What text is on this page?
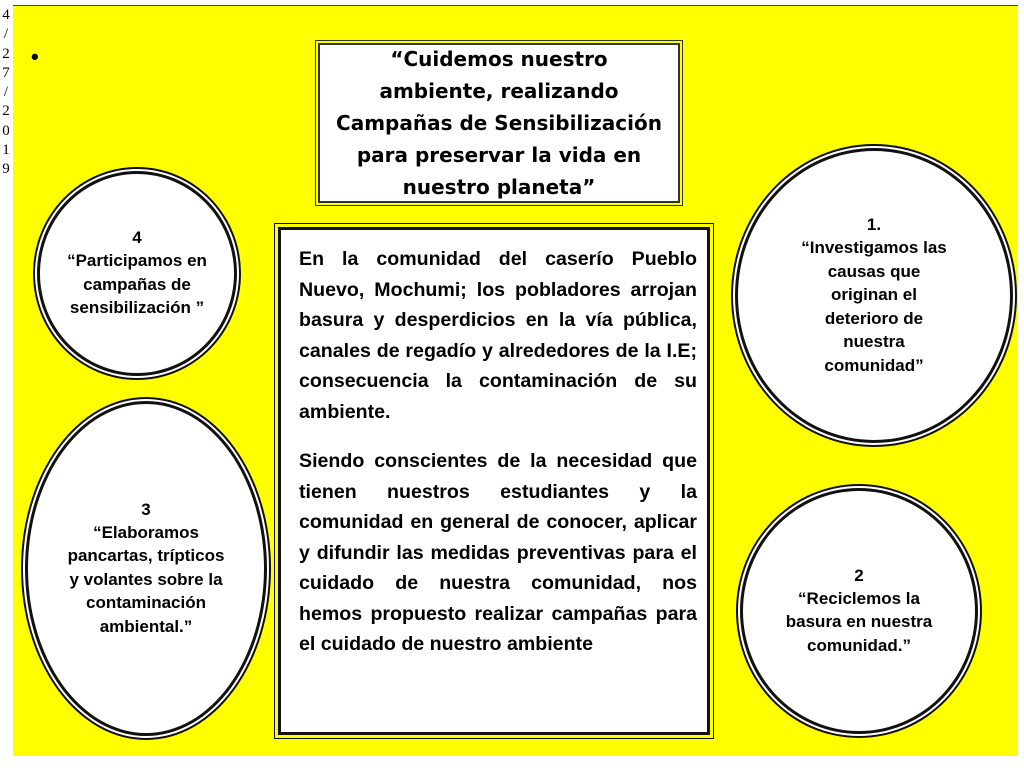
4
/
2
7
/
2
0
1
9
•	“Cuidemos nuestro ambiente, realizando Campañas de Sensibilización para preservar la vida en nuestro planeta”

En la comunidad del caserío Pueblo Nuevo, Mochumi; los pobladores arrojan basura y desperdicios en la vía pública, canales de regadío y alrededores de la I.E; consecuencia la contaminación de su ambiente.

Siendo conscientes de la necesidad que tienen nuestros estudiantes y la comunidad en general de conocer, aplicar y difundir las medidas preventivas para el cuidado de nuestra comunidad, nos hemos propuesto realizar campañas para el cuidado de nuestro ambiente

4
“Participamos en campañas de sensibilización ”
3
“Elaboramos pancartas, trípticos y volantes sobre la contaminación ambiental.”
1.
“Investigamos las causas que originan el deterioro de nuestra comunidad”
2
“Reciclemos la basura en nuestra comunidad.”
